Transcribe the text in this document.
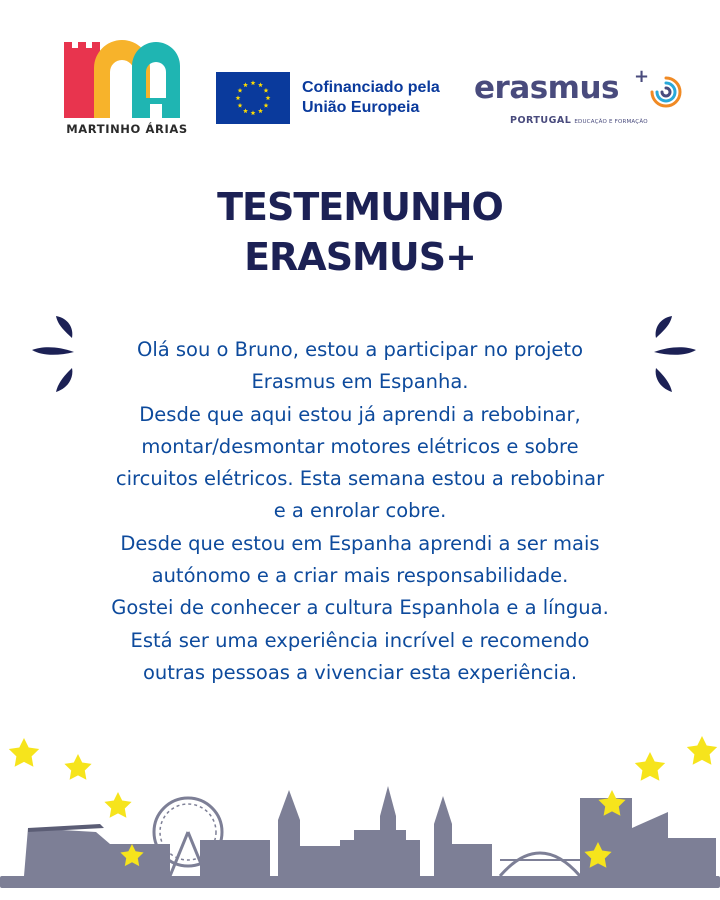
MARTINHO ÁRIAS
Cofinanciado pela
União Europeia
erasmus +
PORTUGAL EDUCAÇÃO E FORMAÇÃO
TESTEMUNHO
ERASMUS+

Olá sou o Bruno, estou a participar no projeto

Erasmus em Espanha.

Desde que aqui estou já aprendi a rebobinar,

montar/desmontar motores elétricos e sobre

circuitos elétricos. Esta semana estou a rebobinar

e a enrolar cobre.

Desde que estou em Espanha aprendi a ser mais

autónomo e a criar mais responsabilidade.

Gostei de conhecer a cultura Espanhola e a língua.

Está ser uma experiência incrível e recomendo

outras pessoas a vivenciar esta experiência.
